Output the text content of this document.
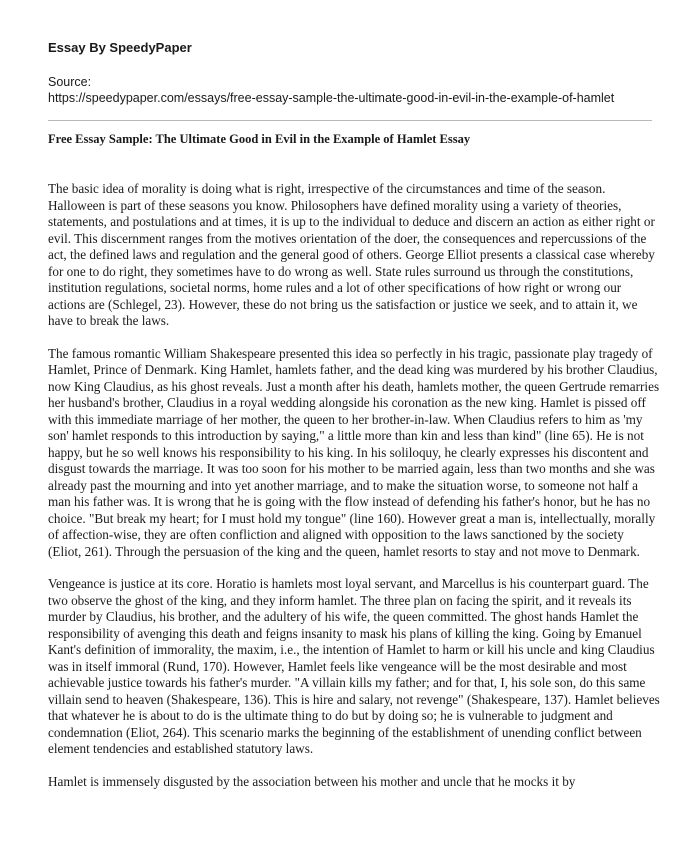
Essay By SpeedyPaper
Source:
https://speedypaper.com/essays/free-essay-sample-the-ultimate-good-in-evil-in-the-example-of-hamlet
Free Essay Sample: The Ultimate Good in Evil in the Example of Hamlet Essay

The basic idea of morality is doing what is right, irrespective of the circumstances and time of the season. Halloween is part of these seasons you know. Philosophers have defined morality using a variety of theories, statements, and postulations and at times, it is up to the individual to deduce and discern an action as either right or evil. This discernment ranges from the motives orientation of the doer, the consequences and repercussions of the act, the defined laws and regulation and the general good of others. George Elliot presents a classical case whereby for one to do right, they sometimes have to do wrong as well. State rules surround us through the constitutions, institution regulations, societal norms, home rules and a lot of other specifications of how right or wrong our actions are (Schlegel, 23). However, these do not bring us the satisfaction or justice we seek, and to attain it, we have to break the laws.

The famous romantic William Shakespeare presented this idea so perfectly in his tragic, passionate play tragedy of Hamlet, Prince of Denmark. King Hamlet, hamlets father, and the dead king was murdered by his brother Claudius, now King Claudius, as his ghost reveals. Just a month after his death, hamlets mother, the queen Gertrude remarries her husband's brother, Claudius in a royal wedding alongside his coronation as the new king. Hamlet is pissed off with this immediate marriage of her mother, the queen to her brother-in-law. When Claudius refers to him as 'my son' hamlet responds to this introduction by saying," a little more than kin and less than kind" (line 65). He is not happy, but he so well knows his responsibility to his king. In his soliloquy, he clearly expresses his discontent and disgust towards the marriage. It was too soon for his mother to be married again, less than two months and she was already past the mourning and into yet another marriage, and to make the situation worse, to someone not half a man his father was. It is wrong that he is going with the flow instead of defending his father's honor, but he has no choice. "But break my heart; for I must hold my tongue" (line 160). However great a man is, intellectually, morally of affection-wise, they are often confliction and aligned with opposition to the laws sanctioned by the society (Eliot, 261). Through the persuasion of the king and the queen, hamlet resorts to stay and not move to Denmark.

Vengeance is justice at its core. Horatio is hamlets most loyal servant, and Marcellus is his counterpart guard. The two observe the ghost of the king, and they inform hamlet. The three plan on facing the spirit, and it reveals its murder by Claudius, his brother, and the adultery of his wife, the queen committed. The ghost hands Hamlet the responsibility of avenging this death and feigns insanity to mask his plans of killing the king. Going by Emanuel Kant's definition of immorality, the maxim, i.e., the intention of Hamlet to harm or kill his uncle and king Claudius was in itself immoral (Rund, 170). However, Hamlet feels like vengeance will be the most desirable and most achievable justice towards his father's murder. "A villain kills my father; and for that, I, his sole son, do this same villain send to heaven (Shakespeare, 136). This is hire and salary, not revenge" (Shakespeare, 137). Hamlet believes that whatever he is about to do is the ultimate thing to do but by doing so; he is vulnerable to judgment and condemnation (Eliot, 264). This scenario marks the beginning of the establishment of unending conflict between element tendencies and established statutory laws.

Hamlet is immensely disgusted by the association between his mother and uncle that he mocks it by
